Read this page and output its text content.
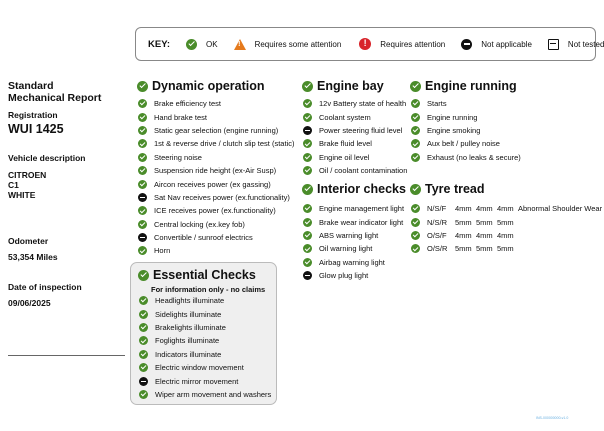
KEY:	OK !	Requires some attention !	Requires attention	Not applicable	Not tested
Standard
Mechanical Report
Registration
WUI 1425
Vehicle description
CITROEN
C1
WHITE
Odometer
53,354 Miles
Date of inspection
09/06/2025
Dynamic operation
Brake efficiency test
Hand brake test
Static gear selection (engine running)
1st & reverse drive / clutch slip test (static)
Steering noise
Suspension ride height (ex-Air Susp)
Aircon receives power (ex gassing)
Sat Nav receives power (ex.functionality)
ICE receives power (ex.functionality)
Central locking (ex.key fob)
Convertible / sunroof electrics
Horn
Engine bay
12v Battery state of health
Coolant system
Power steering fluid level
Brake fluid level
Engine oil level
Oil / coolant contamination
Engine running
Starts
Engine running
Engine smoking
Aux belt / pulley noise
Exhaust (no leaks & secure)
Interior checks
Engine management light
Brake wear indicator light
ABS warning light
Oil warning light
Airbag warning light
Glow plug light
Tyre tread
N/S/F	4mm 4mm 4mm Abnormal Shoulder Wear
N/S/R	5mm 5mm 5mm
O/S/F	4mm 4mm 4mm
O/S/R	5mm 5mm 5mm
Essential Checks
For information only - no claims
Headlights illuminate
Sidelights illuminate
Brakelights illuminate
Foglights illuminate
Indicators illuminate
Electric window movement
Electric mirror movement
Wiper arm movement and washers
INS-000000000-v1.0
